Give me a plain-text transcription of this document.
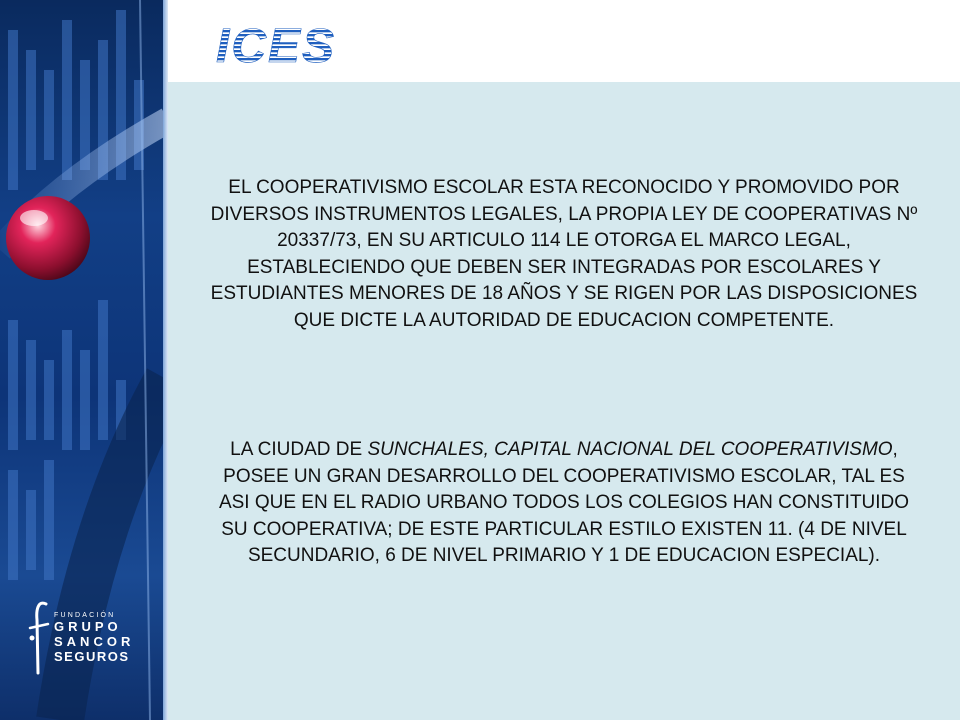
FUNDACIÓN
GRUPO
SANCOR
SEGUROS
ICES

EL COOPERATIVISMO ESCOLAR ESTA RECONOCIDO Y PROMOVIDO POR DIVERSOS INSTRUMENTOS LEGALES, LA PROPIA LEY DE COOPERATIVAS Nº 20337/73, EN SU ARTICULO 114 LE OTORGA EL MARCO LEGAL, ESTABLECIENDO QUE DEBEN SER INTEGRADAS POR ESCOLARES Y ESTUDIANTES MENORES DE 18 AÑOS Y SE RIGEN POR LAS DISPOSICIONES QUE DICTE LA AUTORIDAD DE EDUCACION COMPETENTE.

LA CIUDAD DE SUNCHALES, CAPITAL NACIONAL DEL COOPERATIVISMO, POSEE UN GRAN DESARROLLO DEL COOPERATIVISMO ESCOLAR, TAL ES ASI QUE EN EL RADIO URBANO TODOS LOS COLEGIOS HAN CONSTITUIDO SU COOPERATIVA; DE ESTE PARTICULAR ESTILO EXISTEN 11. (4 DE NIVEL SECUNDARIO, 6 DE NIVEL PRIMARIO Y 1 DE EDUCACION ESPECIAL).
